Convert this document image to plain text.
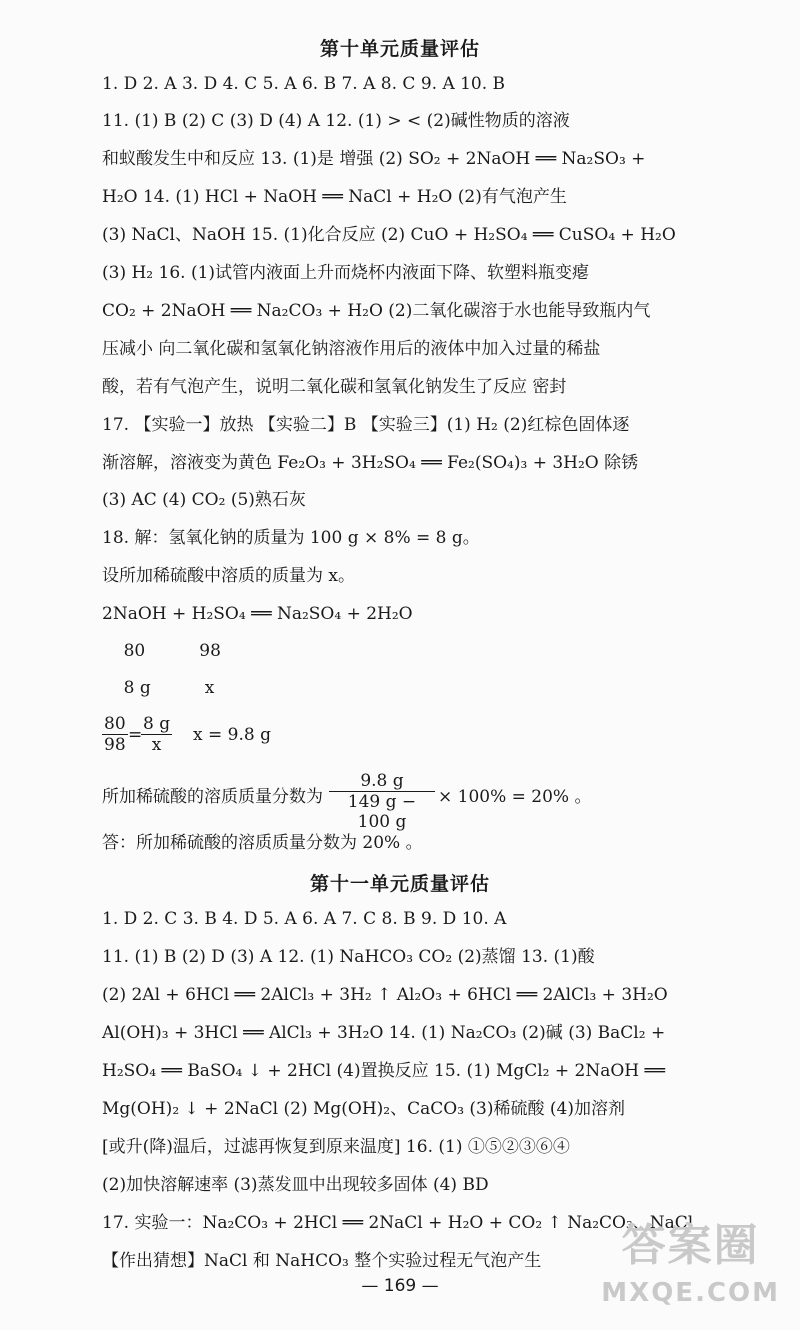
第十单元质量评估
1. D 2. A 3. D 4. C 5. A 6. B 7. A 8. C 9. A 10. B
11. (1) B (2) C (3) D (4) A 12. (1) > < (2)碱性物质的溶液
和蚁酸发生中和反应 13. (1)是 增强 (2) SO₂ + 2NaOH ══ Na₂SO₃ +
H₂O 14. (1) HCl + NaOH ══ NaCl + H₂O (2)有气泡产生
(3) NaCl、NaOH 15. (1)化合反应 (2) CuO + H₂SO₄ ══ CuSO₄ + H₂O
(3) H₂ 16. (1)试管内液面上升而烧杯内液面下降、软塑料瓶变瘪
CO₂ + 2NaOH ══ Na₂CO₃ + H₂O (2)二氧化碳溶于水也能导致瓶内气
压减小 向二氧化碳和氢氧化钠溶液作用后的液体中加入过量的稀盐
酸，若有气泡产生，说明二氧化碳和氢氧化钠发生了反应 密封
17. 【实验一】放热 【实验二】B 【实验三】(1) H₂ (2)红棕色固体逐
渐溶解，溶液变为黄色 Fe₂O₃ + 3H₂SO₄ ══ Fe₂(SO₄)₃ + 3H₂O 除锈
(3) AC (4) CO₂ (5)熟石灰
18. 解：氢氧化钠的质量为 100 g × 8% = 8 g。
设所加稀硫酸中溶质的质量为 x。
2NaOH + H₂SO₄ ══ Na₂SO₄ + 2H₂O
80          98
8 g          x
$\frac{80}{98}$ =
$\frac{8 g}{x}$ x = 9.8 g
所加稀硫酸的溶质质量分数为 $\frac{9.8 g}{149 g - 100 g} \times 100\% = 20\%$ 。
答：所加稀硫酸的溶质质量分数为 20% 。
第十一单元质量评估
1. D 2. C 3. B 4. D 5. A 6. A 7. C 8. B 9. D 10. A
11. (1) B (2) D (3) A 12. (1) NaHCO₃ CO₂ (2)蒸馏 13. (1)酸
(2) 2Al + 6HCl ══ 2AlCl₃ + 3H₂ ↑ Al₂O₃ + 6HCl ══ 2AlCl₃ + 3H₂O
Al(OH)₃ + 3HCl ══ AlCl₃ + 3H₂O 14. (1) Na₂CO₃ (2)碱 (3) BaCl₂ +
H₂SO₄ ══ BaSO₄ ↓ + 2HCl (4)置换反应 15. (1) MgCl₂ + 2NaOH ══
Mg(OH)₂ ↓ + 2NaCl (2) Mg(OH)₂、CaCO₃ (3)稀硫酸 (4)加溶剂
[或升(降)温后，过滤再恢复到原来温度] 16. (1) ①⑤②③⑥④
(2)加快溶解速率 (3)蒸发皿中出现较多固体 (4) BD
17. 实验一：Na₂CO₃ + 2HCl ══ 2NaCl + H₂O + CO₂ ↑ Na₂CO₃、NaCl
【作出猜想】NaCl 和 NaHCO₃ 整个实验过程无气泡产生
— 169 —
答案圈
MXQE.COM
